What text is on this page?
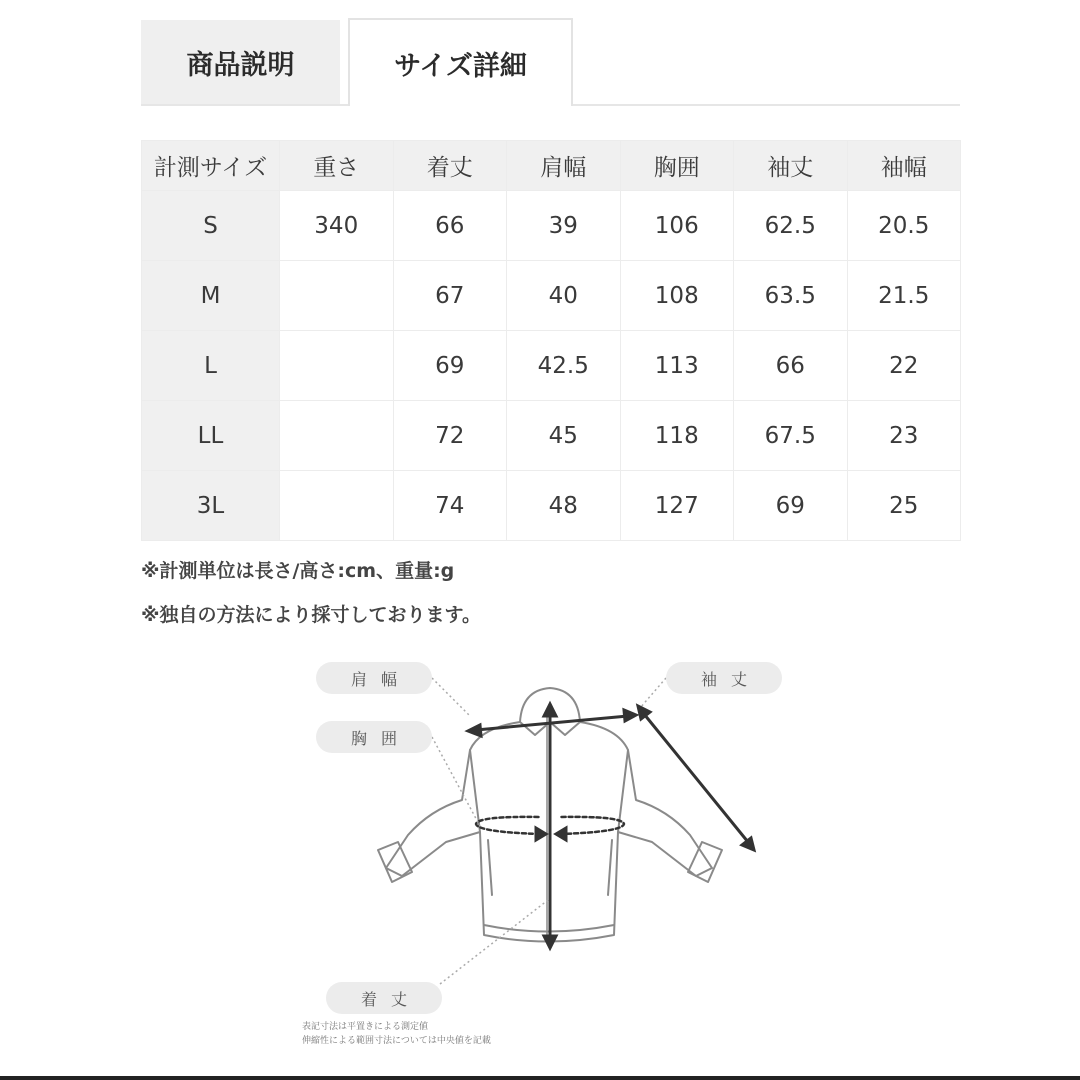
商品説明	サイズ詳細
計測サイズ	重さ	着丈	肩幅	胸囲	袖丈	袖幅
S	340	66	39	106	62.5	20.5
M		67	40	108	63.5	21.5
L		69	42.5	113	66	22
LL		72	45	118	67.5	23
3L		74	48	127	69	25
※計測単位は長さ/高さ:cm、重量:g
※独自の方法により採寸しております。
肩幅
胸囲
袖丈
着丈
表記寸法は平置きによる測定値
伸縮性による範囲寸法については中央値を記載
